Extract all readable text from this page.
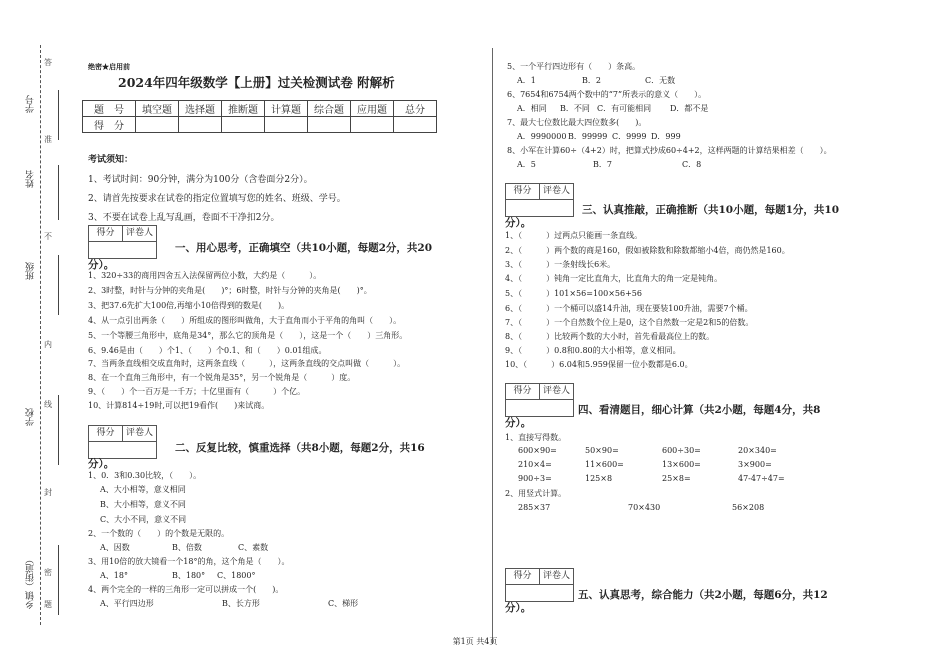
学号
姓名
班级
学校
乡镇（街道）
答
准
不
内
线
封
密
题
绝密★启用前
2024年四年级数学【上册】过关检测试卷 附解析
题　号	填空题	选择题	推断题	计算题	综合题	应用题	总分
得　分							
考试须知：
1、考试时间：90分钟，满分为100分（含卷面分2分）。
2、请首先按要求在试卷的指定位置填写您的姓名、班级、学号。
3、不要在试卷上乱写乱画，卷面不干净扣2分。
得分	评卷人
一、用心思考，正确填空（共10小题，每题2分，共20
分）。
1、320÷33的商用四舍五入法保留两位小数，大约是（　　　）。
2、3时整，时针与分钟的夹角是(　　)°；6时整，时针与分钟的夹角是(　　)°。
3、把37.6先扩大100倍,再缩小10倍得到的数是(　　)。
4、从一点引出两条（　　）所组成的图形叫做角，大于直角而小于平角的角叫（　　）。
5、一个等腰三角形中，底角是34°，那么它的顶角是（　　），这是一个（　　）三角形。
6、9.46是由（　　）个1、（　　）个0.1、和（　　）0.01组成。
7、当两条直线相交成直角时，这两条直线（　　　），这两条直线的交点叫做（　　　）。
8、在一个直角三角形中，有一个锐角是35°，另一个锐角是（　　　）度。
9、（　　）个一百万是一千万；十亿里面有（　　　）个亿。
10、计算814÷19时,可以把19看作(　　)来试商。
得分	评卷人
二、反复比较，慎重选择（共8小题，每题2分，共16
分）。
1、0．3和0.30比较，（　　）。
A、大小相等，意义相同
B、大小相等，意义不同
C、大小不同，意义不同
2、一个数的（　　）的个数是无限的。
A、因数	B、倍数	C、素数
3、用10倍的放大镜看一个18°的角，这个角是（　　）。
A、18°	B、180° C、1800°
4、两个完全的一样的三角形一定可以拼成一个(　　)。
A、平行四边形	B、长方形	C、梯形
5、一个平行四边形有（　　）条高。
A．1	B．2	C．无数
6、7654和6754两个数中的“7”所表示的意义（　　）。
A．相同 B．不同 C．有可能相同 D．都不是
7、最大七位数比最大四位数多(　　)。
A．9990000 B．99999 C．9999 D．999
8、小军在计算60÷（4+2）时，把算式抄成60÷4+2，这样两题的计算结果相差（　　）。
A．5	B．7	C．8
得分	评卷人
三、认真推敲，正确推断（共10小题，每题1分，共10
分）。
1、（　　　）过两点只能画一条直线。
2、（　　　）两个数的商是160，假如被除数和除数都缩小4倍，商仍然是160。
3、（　　　）一条射线长6米。
4、（　　　）钝角一定比直角大，比直角大的角一定是钝角。
5、（　　　）101×56=100×56+56
6、（　　　）一个桶可以盛14升油，现在要装100升油，需要7个桶。
7、（　　　）一个自然数个位上是0，这个自然数一定是2和5的倍数。
8、（　　　）比较两个数的大小时，首先看最高位上的数。
9、（　　　）0.8和0.80的大小相等，意义相同。
10、（　　　）6.04和5.959保留一位小数都是6.0。
得分	评卷人
四、看清题目，细心计算（共2小题，每题4分，共8
分）。
1、直接写得数。
600×90=	50×90=	600÷30=	20×340=
210×4=	11×600=	13×600=	3×900=
900÷3=	125×8	25×8=	47-47÷47=
2、用竖式计算。
285×37	70×430	56×208
得分	评卷人
五、认真思考，综合能力（共2小题，每题6分，共12
分）。
第1页 共4页
